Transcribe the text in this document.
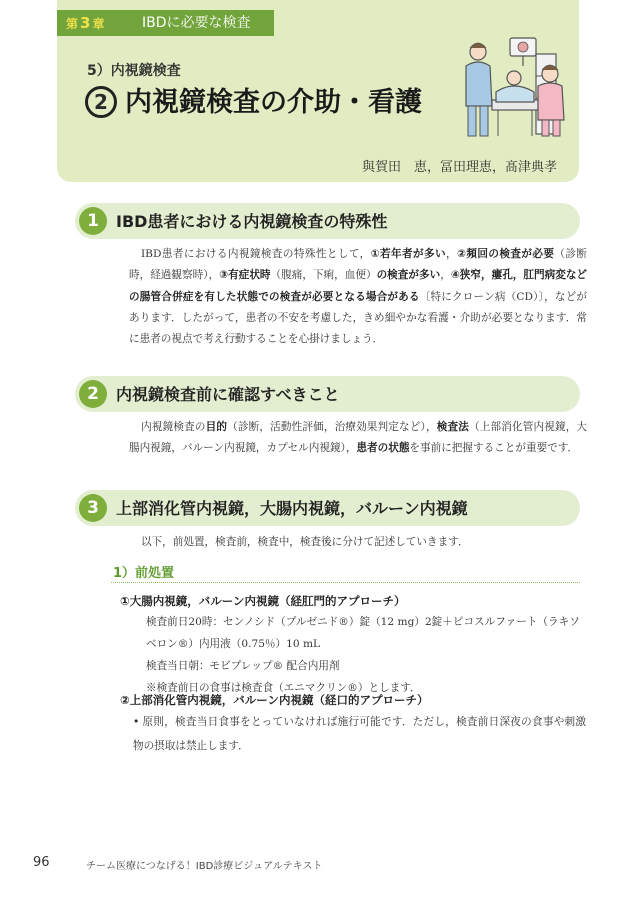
第 3 章	IBDに必要な検査
5）内視鏡検査
2 内視鏡検査の介助・看護
與賀田　恵，冨田理恵，髙津典孝
1	IBD患者における内視鏡検査の特殊性

IBD患者における内視鏡検査の特殊性として，①若年者が多い，②頻回の検査が必要（診断時，経過観察時），③有症状時（腹痛，下痢，血便）の検査が多い，④狭窄，瘻孔，肛門病変などの腸管合併症を有した状態での検査が必要となる場合がある〔特にクローン病（CD）〕，などがあります．したがって，患者の不安を考慮した，きめ細やかな看護・介助が必要となります．常に患者の視点で考え行動することを心掛けましょう．

2	内視鏡検査前に確認すべきこと

内視鏡検査の目的（診断，活動性評価，治療効果判定など），検査法（上部消化管内視鏡，大腸内視鏡，バルーン内視鏡，カプセル内視鏡），患者の状態を事前に把握することが重要です．

3	上部消化管内視鏡，大腸内視鏡，バルーン内視鏡

以下，前処置，検査前，検査中，検査後に分けて記述していきます．

1）前処置
①大腸内視鏡，バルーン内視鏡（経肛門的アプローチ）
検査前日20時：センノシド（プルゼニド®）錠（12 mg）2錠＋ピコスルファート（ラキソ
ベロン®）内用液（0.75％）10 mL
検査当日朝：モビプレップ® 配合内用剤
※検査前日の食事は検査食（エニマクリン®）とします．
②上部消化管内視鏡，バルーン内視鏡（経口的アプローチ）

• 原則，検査当日食事をとっていなければ施行可能です．ただし，検査前日深夜の食事や刺激物の摂取は禁止します．

96	チーム医療につなげる！IBD診療ビジュアルテキスト
